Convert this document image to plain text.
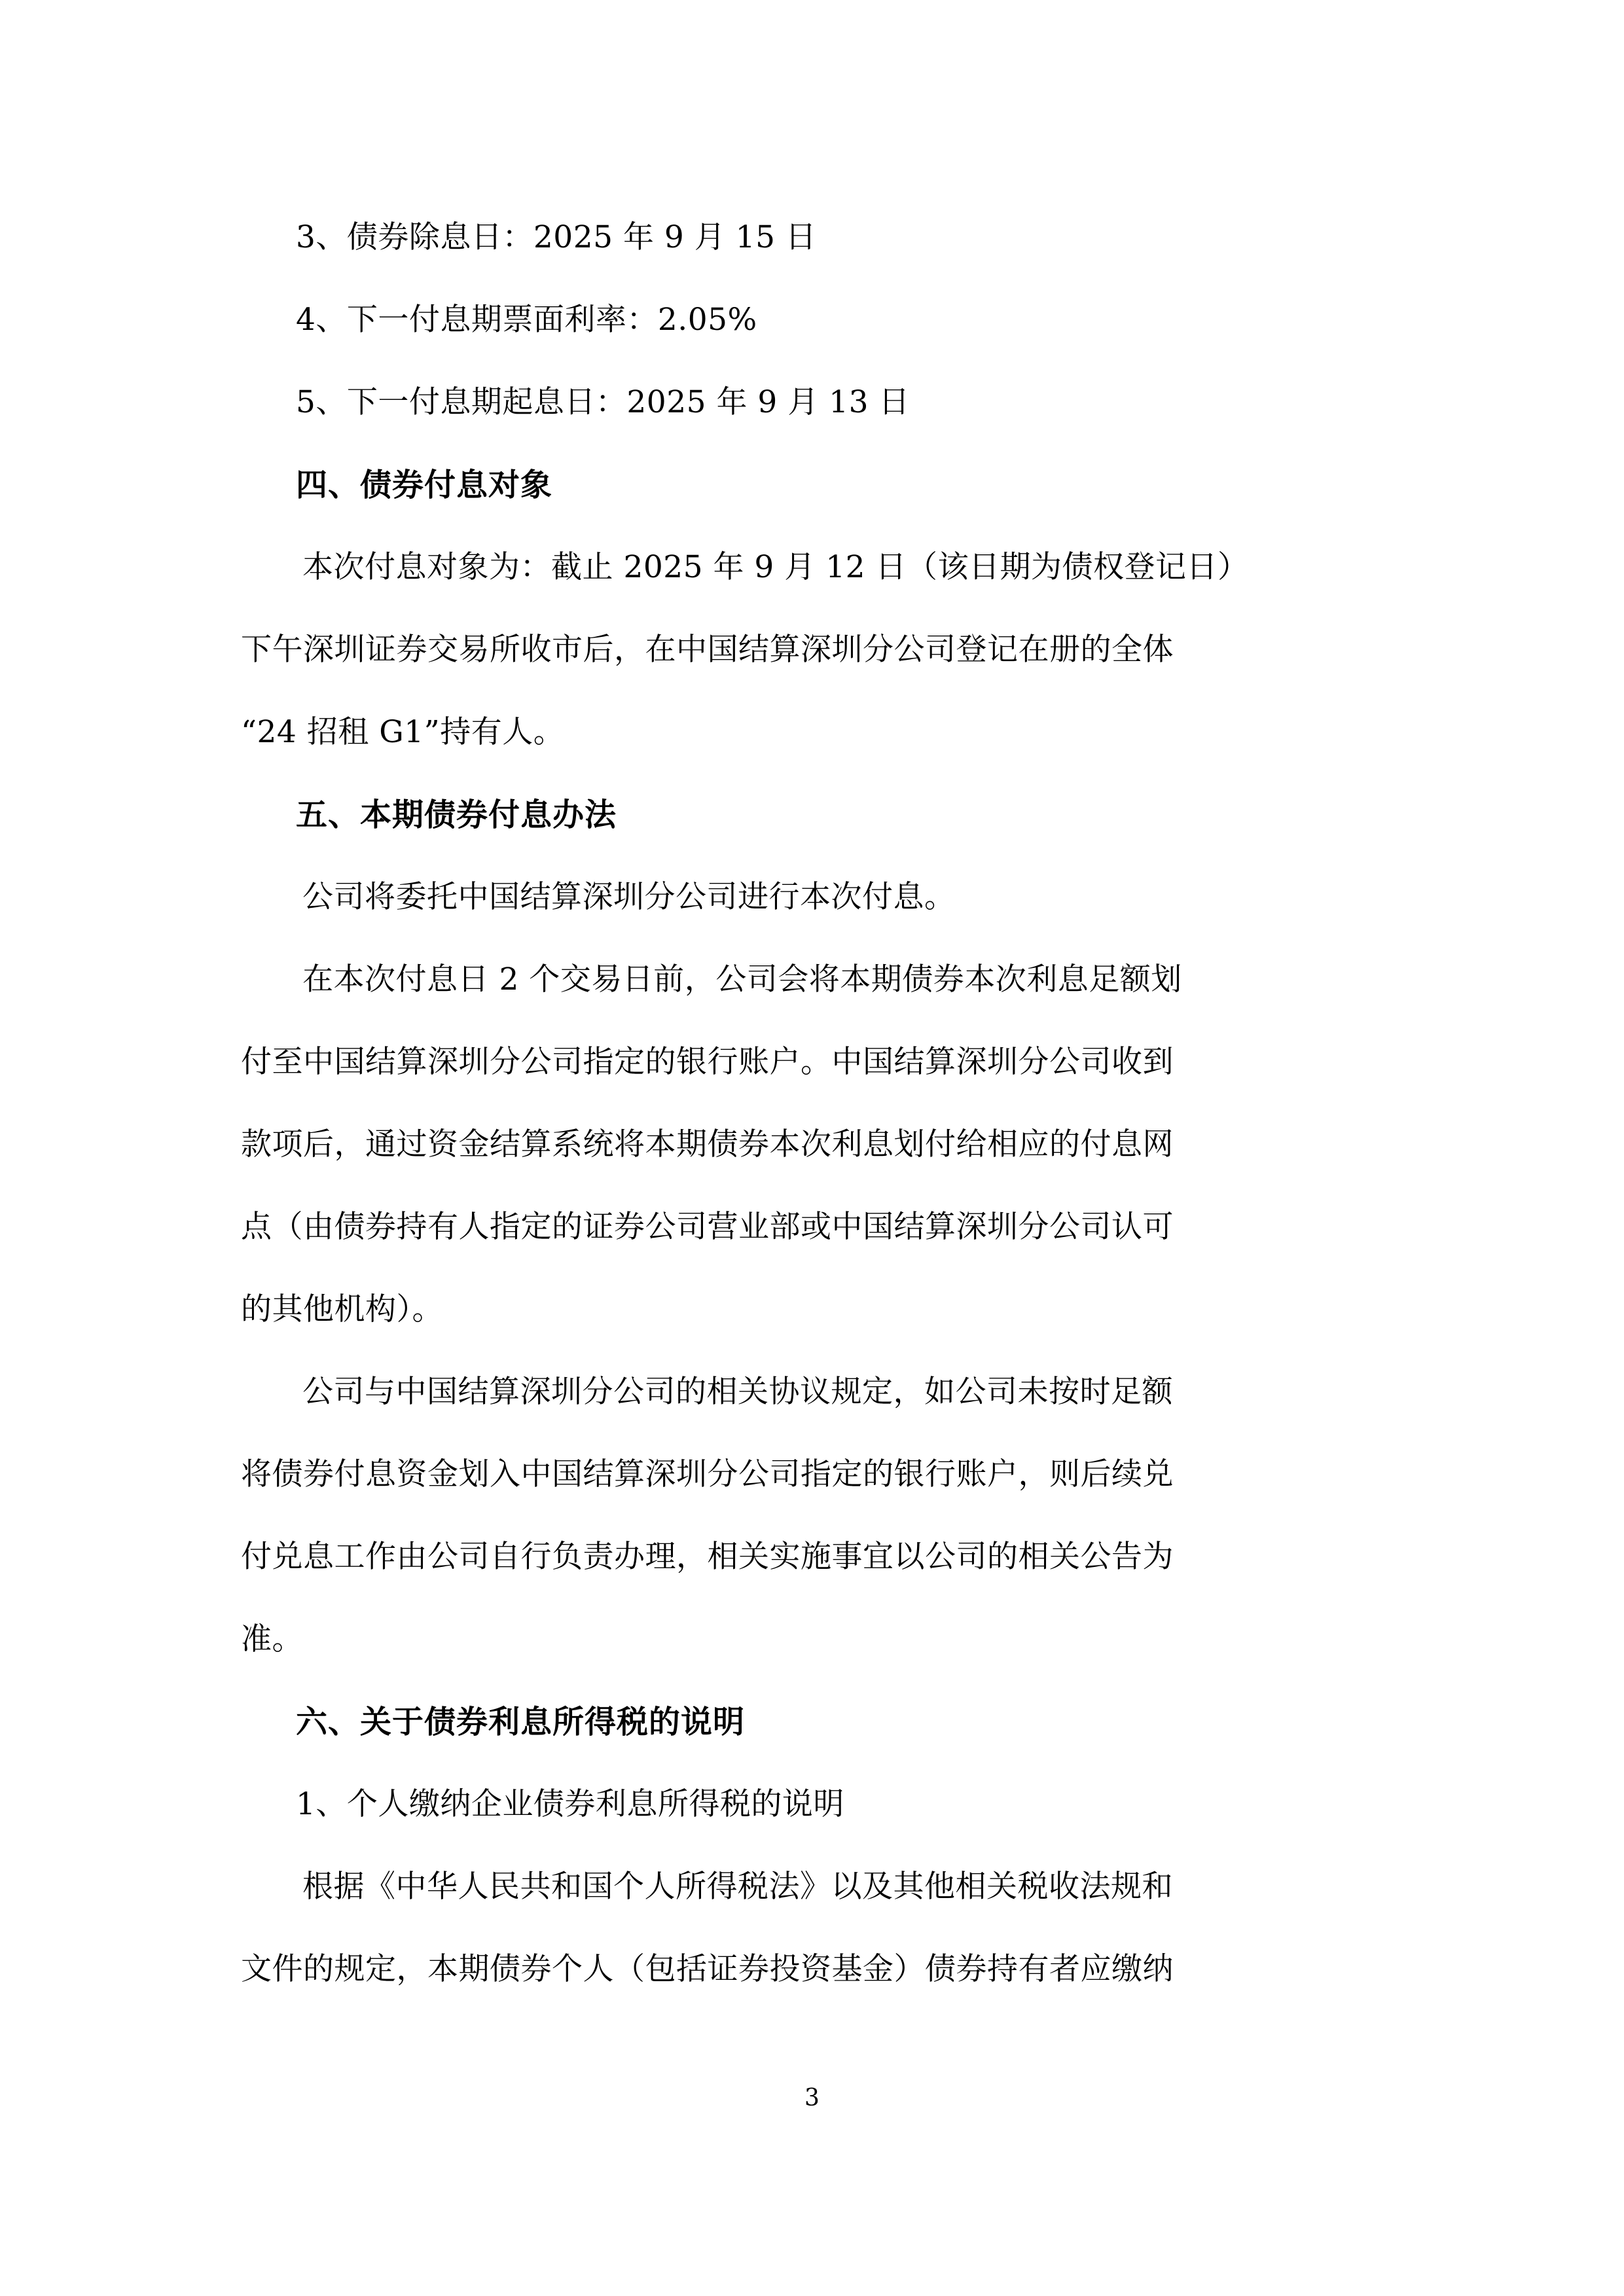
3、债券除息日：2025 年 9 月 15 日
4、下一付息期票面利率：2.05%
5、下一付息期起息日：2025 年 9 月 13 日
四、债券付息对象
本次付息对象为：截止 2025 年 9 月 12 日（该日期为债权登记日）
下午深圳证券交易所收市后，在中国结算深圳分公司登记在册的全体
“24 招租 G1”持有人。
五、本期债券付息办法
公司将委托中国结算深圳分公司进行本次付息。
在本次付息日 2 个交易日前，公司会将本期债券本次利息足额划
付至中国结算深圳分公司指定的银行账户。中国结算深圳分公司收到
款项后，通过资金结算系统将本期债券本次利息划付给相应的付息网
点（由债券持有人指定的证券公司营业部或中国结算深圳分公司认可
的其他机构）。
公司与中国结算深圳分公司的相关协议规定，如公司未按时足额
将债券付息资金划入中国结算深圳分公司指定的银行账户，则后续兑
付兑息工作由公司自行负责办理，相关实施事宜以公司的相关公告为
准。
六、关于债券利息所得税的说明
1、个人缴纳企业债券利息所得税的说明
根据《中华人民共和国个人所得税法》以及其他相关税收法规和
文件的规定，本期债券个人（包括证券投资基金）债券持有者应缴纳
3
